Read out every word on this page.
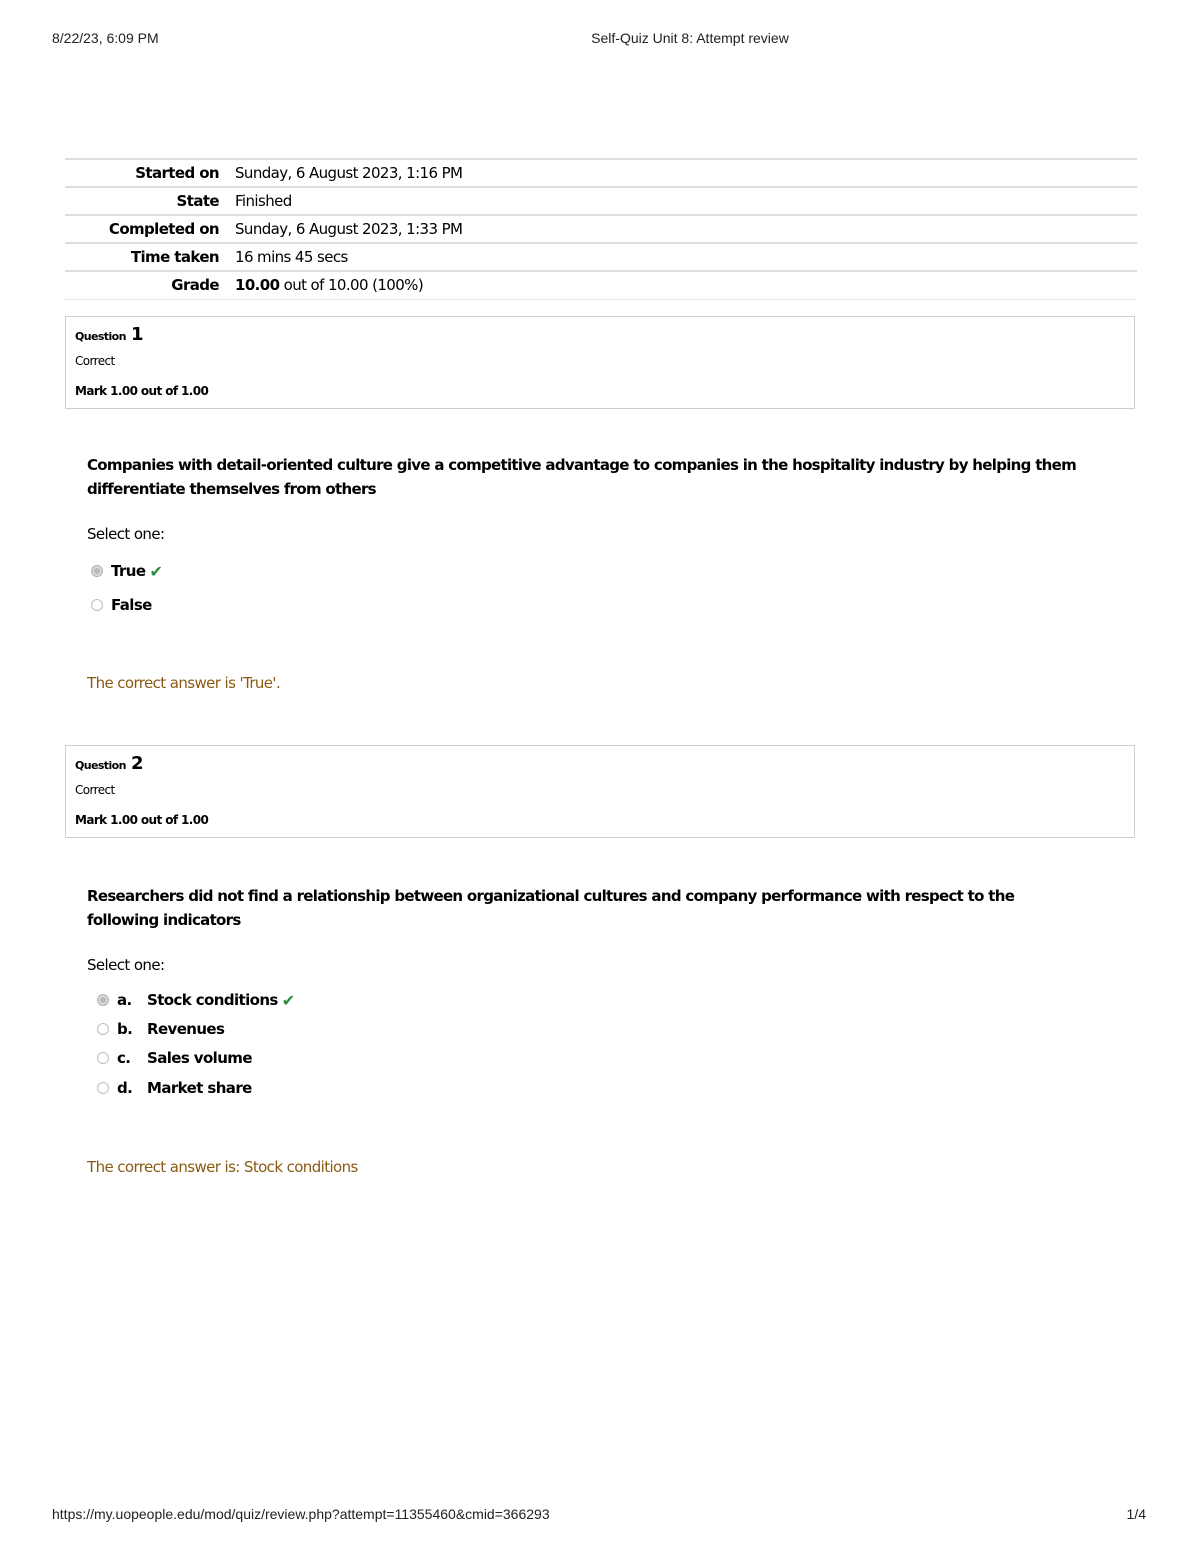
8/22/23, 6:09 PM	Self-Quiz Unit 8: Attempt review
Started on	Sunday, 6 August 2023, 1:16 PM
State	Finished
Completed on	Sunday, 6 August 2023, 1:33 PM
Time taken	16 mins 45 secs
Grade	10.00 out of 10.00 (100%)
Question 1
Correct
Mark 1.00 out of 1.00
Companies with detail-oriented culture give a competitive advantage to companies in the hospitality industry by helping them differentiate themselves from others
Select one:
True ✔
False
The correct answer is 'True'.
Question 2
Correct
Mark 1.00 out of 1.00
Researchers did not find a relationship between organizational cultures and company performance with respect to the following indicators
Select one:
a.	Stock conditions ✔
b. Revenues
c.	Sales volume
d. Market share
The correct answer is: Stock conditions
https://my.uopeople.edu/mod/quiz/review.php?attempt=11355460&cmid=366293	1/4
